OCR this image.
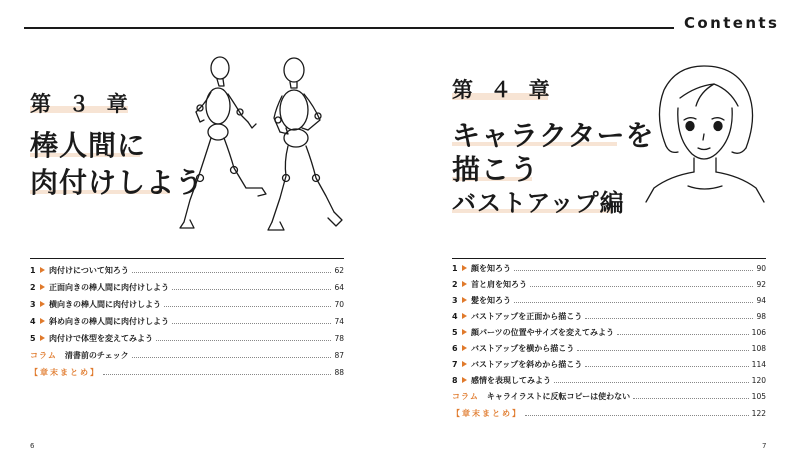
Contents
第 ３ 章
棒人間に
肉付けしよう
1	肉付けについて知ろう	62
2	正面向きの棒人間に肉付けしよう	64
3	横向きの棒人間に肉付けしよう	70
4	斜め向きの棒人間に肉付けしよう	74
5	肉付けで体型を変えてみよう	78
コラム 清書前のチェック	87
【章末まとめ】	88
第 ４ 章
キャラクターを
描こう
バストアップ編
1	顔を知ろう	90
2	首と肩を知ろう	92
3	髪を知ろう	94
4	バストアップを正面から描こう	98
5	顔パーツの位置やサイズを変えてみよう	106
6	バストアップを横から描こう	108
7	バストアップを斜めから描こう	114
8	感情を表現してみよう	120
コラム キャライラストに反転コピーは使わない	105
【章末まとめ】	122
6	7
